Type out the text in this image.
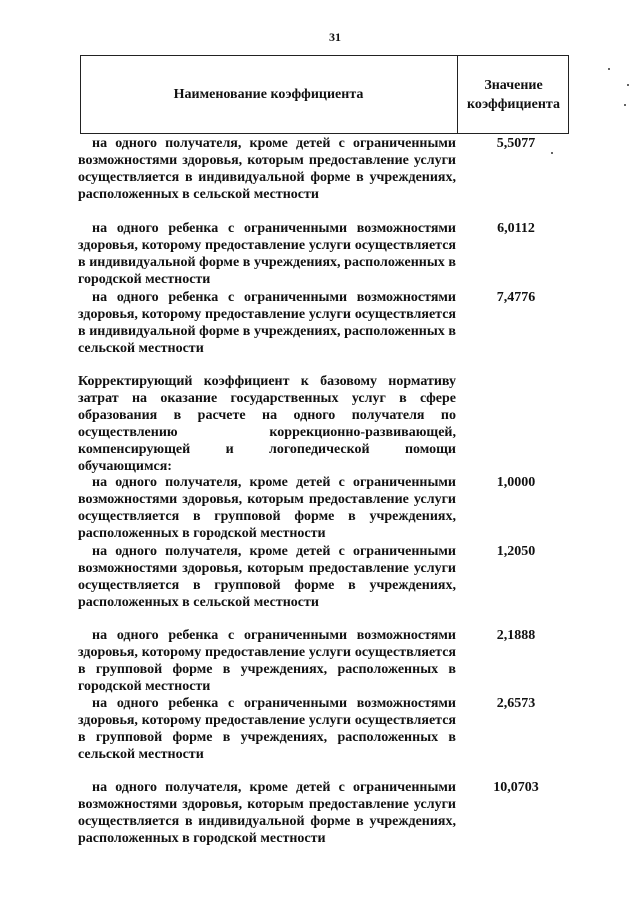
31
Наименование коэффициента
Значение
коэффициента
на одного получателя, кроме детей с ограниченными возможностями здоровья, которым предоставление услуги осуществляется в индивидуальной форме в учреждениях, расположенных в сельской местности
5,5077
на одного ребенка с ограниченными возможностями здоровья, которому предоставление услуги осуществляется в индивидуальной форме в учреждениях, расположенных в городской местности
6,0112
на одного ребенка с ограниченными возможностями здоровья, которому предоставление услуги осуществляется в индивидуальной форме в учреждениях, расположенных в сельской местности
7,4776
Корректирующий коэффициент к базовому нормативу затрат на оказание государственных услуг в сфере образования в расчете на одного получателя по осуществлению коррекционно-развивающей, компенсирующей и логопедической помощи обучающимся:
на одного получателя, кроме детей с ограниченными возможностями здоровья, которым предоставление услуги осуществляется в групповой форме в учреждениях, расположенных в городской местности
1,0000
на одного получателя, кроме детей с ограниченными возможностями здоровья, которым предоставление услуги осуществляется в групповой форме в учреждениях, расположенных в сельской местности
1,2050
на одного ребенка с ограниченными возможностями здоровья, которому предоставление услуги осуществляется в групповой форме в учреждениях, расположенных в городской местности
2,1888
на одного ребенка с ограниченными возможностями здоровья, которому предоставление услуги осуществляется в групповой форме в учреждениях, расположенных в сельской местности
2,6573
на одного получателя, кроме детей с ограниченными возможностями здоровья, которым предоставление услуги осуществляется в индивидуальной форме в учреждениях, расположенных в городской местности
10,0703
